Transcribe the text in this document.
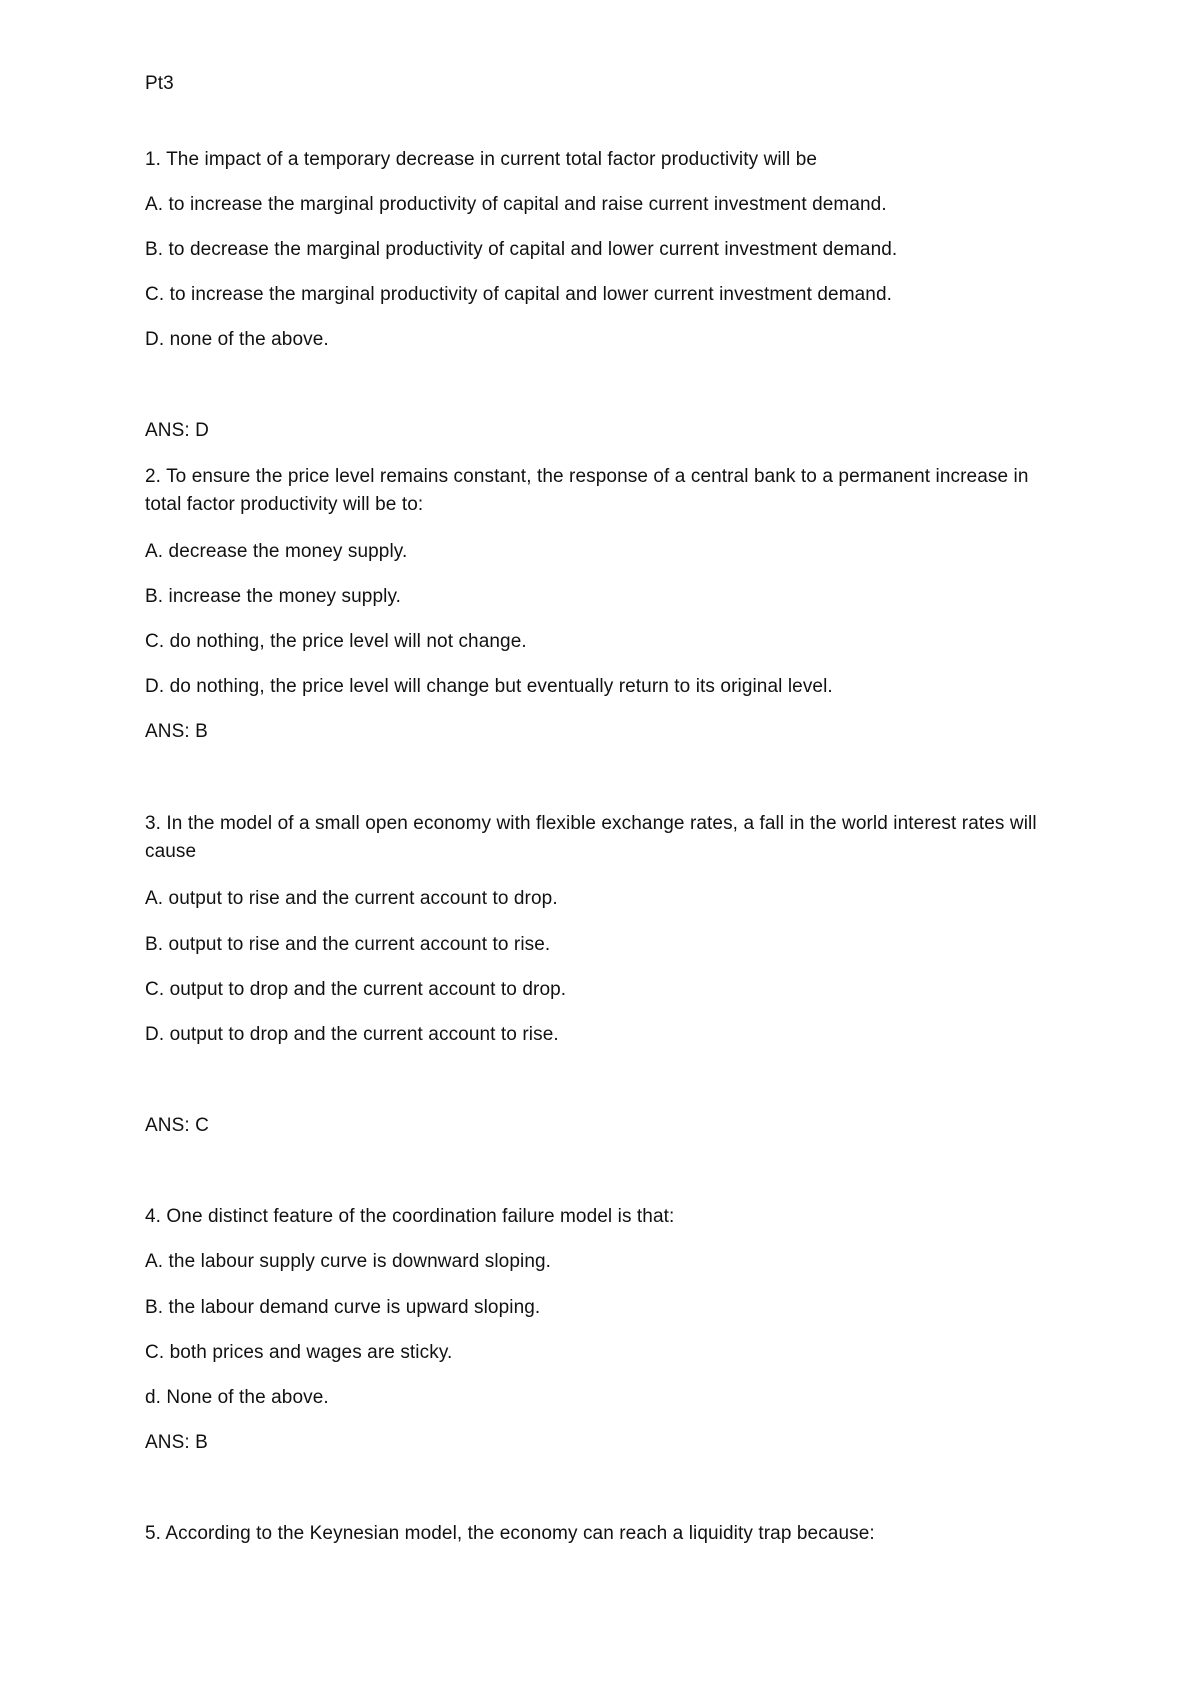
Pt3
1. The impact of a temporary decrease in current total factor productivity will be
A. to increase the marginal productivity of capital and raise current investment demand.
B. to decrease the marginal productivity of capital and lower current investment demand.
C. to increase the marginal productivity of capital and lower current investment demand.
D. none of the above.
ANS: D
2. To ensure the price level remains constant, the response of a central bank to a permanent increase in total factor productivity will be to:
A. decrease the money supply.
B. increase the money supply.
C. do nothing, the price level will not change.
D. do nothing, the price level will change but eventually return to its original level.
ANS: B
3. In the model of a small open economy with flexible exchange rates, a fall in the world interest rates will cause
A. output to rise and the current account to drop.
B. output to rise and the current account to rise.
C. output to drop and the current account to drop.
D. output to drop and the current account to rise.
ANS: C
4. One distinct feature of the coordination failure model is that:
A. the labour supply curve is downward sloping.
B. the labour demand curve is upward sloping.
C. both prices and wages are sticky.
d. None of the above.
ANS: B
5. According to the Keynesian model, the economy can reach a liquidity trap because:
